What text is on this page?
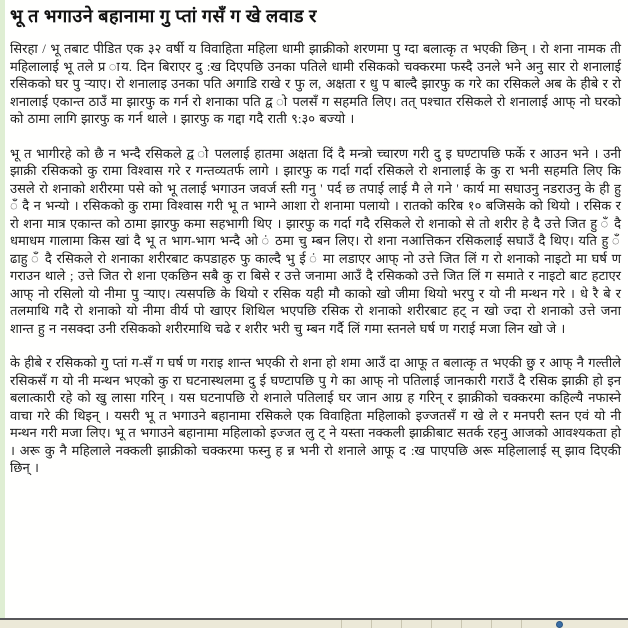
भू त भगाउने बहानामा गु प्तां गसँ ग खे लवाड र

सिरहा / भू तबाट पीडित एक ३२ वर्षी य विवाहिता महिला धामी झाक्रीको शरणमा पु ग्दा बलात्कृ त भएकी छिन् । रो शना नामक ती महिलालाई भू तले प्र ाय. दिन बिराएर दु :ख दिएपछि उनका पतिले धामी रसिकको चक्करमा फस्दै उनले भने अनु सार रो शनालाई रसिकको घर पु ऱ्याए। रो शनालाइ उनका पति अगाडि राखे र फु ल, अक्षता र धु प बाल्दै झारफु क गरे का रसिकले अब के हीबे र रो शनालाई एकान्त ठाउँ मा झारफु क गर्न रो शनाका पति द्व ो पलसँ ग सहमति लिए। तत् पश्चात रसिकले रो शनालाई आफ् नो घरको को ठामा लागि झारफु क गर्न थाले । झारफु क गद्दा गदै राती ९:३० बज्यो ।

भू त भागीरहे को छै न भन्दै रसिकले द्व ो पललाई हातमा अक्षता दिं दै मन्त्रो च्चारण गरी दु इ घण्टापछि फर्के र आउन भने । उनी झाक्री रसिकको कु रामा विश्वास गरे र गन्तव्यतर्फ लागे । झारफु क गर्दा गर्दा रसिकले रो शनालाई के कु रा भनी सहमति लिए कि उसले रो शनाको शरीरमा पसे को भू तलाई भगाउन जवर्ज स्ती गनु ' पर्द छ तपाई लाई मै ले गने ' कार्य मा सघाउनु नडराउनु के ही हु ँ दै न भन्यो । रसिकको कु रामा विश्वास गरी भू त भाग्ने आशा रो शनामा पलायो । रातको करिब १० बजिसके को थियो । रसिक र रो शना मात्र एकान्त को ठामा झारफु कमा सहभागी थिए । झारफु क गर्दा गदै रसिकले रो शनाको से तो शरीर हे दै उत्ते जित हु ँ दै धमाधम गालामा किस खां दै भू त भाग-भाग भन्दै ओ ं ठमा चु म्बन लिए। रो शना नआत्तिकन रसिकलाई सघाउँ दै थिए। यति हु ँ ढाहु ँ दै रसिकले रो शनाका शरीरबाट कपडाहरु फु काल्दै भु ई ं मा लडाएर आफ् नो उत्ते जित लिं ग रो शनाको नाइटो मा घर्ष ण गराउन थाले ; उत्ते जित रो शना एकछिन सबै कु रा बिसे र उत्ते जनामा आउँ दै रसिकको उत्ते जित लिं ग समाते र नाइटो बाट हटाएर आफ् नो रसिलो यो नीमा पु ऱ्याए। त्यसपछि के थियो र रसिक यही मौ काको खो जीमा थियो भरपु र यो नी मन्थन गरे । धे रै बे र तलमाथि गदै रो शनाको यो नीमा वीर्य पो खाएर शिथिल भएपछि रसिक रो शनाको शरीरबाट हट् न खो ज्दा रो शनाको उत्ते जना शान्त हु न नसक्दा उनी रसिकको शरीरमाथि चढे र शरीर भरी चु म्बन गर्दै लिं गमा स्तनले घर्ष ण गराई मजा लिन खो जे ।

के हीबे र रसिकको गु प्तां ग-सँ ग घर्ष ण गराइ शान्त भएकी रो शना हो शमा आउँ दा आफू त बलात्कृ त भएकी छु र आफ् नै गल्तीले रसिकसँ ग यो नी मन्थन भएको कु रा घटनास्थलमा दु ई घण्टापछि पु गे का आफ् नो पतिलाई जानकारी गराउँ दै रसिक झाक्री हो इन बलात्कारी रहे को खु लासा गरिन् । यस घटनापछि रो शनाले पतिलाई घर जान आग्र ह गरिन् र झाक्रीको चक्करमा कहिल्यै नफास्ने वाचा गरे की थिइन् । यसरी भू त भगाउने बहानामा रसिकले एक विवाहिता महिलाको इज्जतसँ ग खे ले र मनपरी स्तन एवं यो नी मन्थन गरी मजा लिए। भू त भगाउने बहानामा महिलाको इज्जत लु ट् ने यस्ता नक्कली झाक्रीबाट सतर्क रहनु आजको आवश्यकता हो । अरू कु नै महिलाले नक्कली झाक्रीको चक्करमा फस्नु ह न्न भनी रो शनाले आफू द :ख पाएपछि अरू महिलालाई स् झाव दिएकी छिन् ।
